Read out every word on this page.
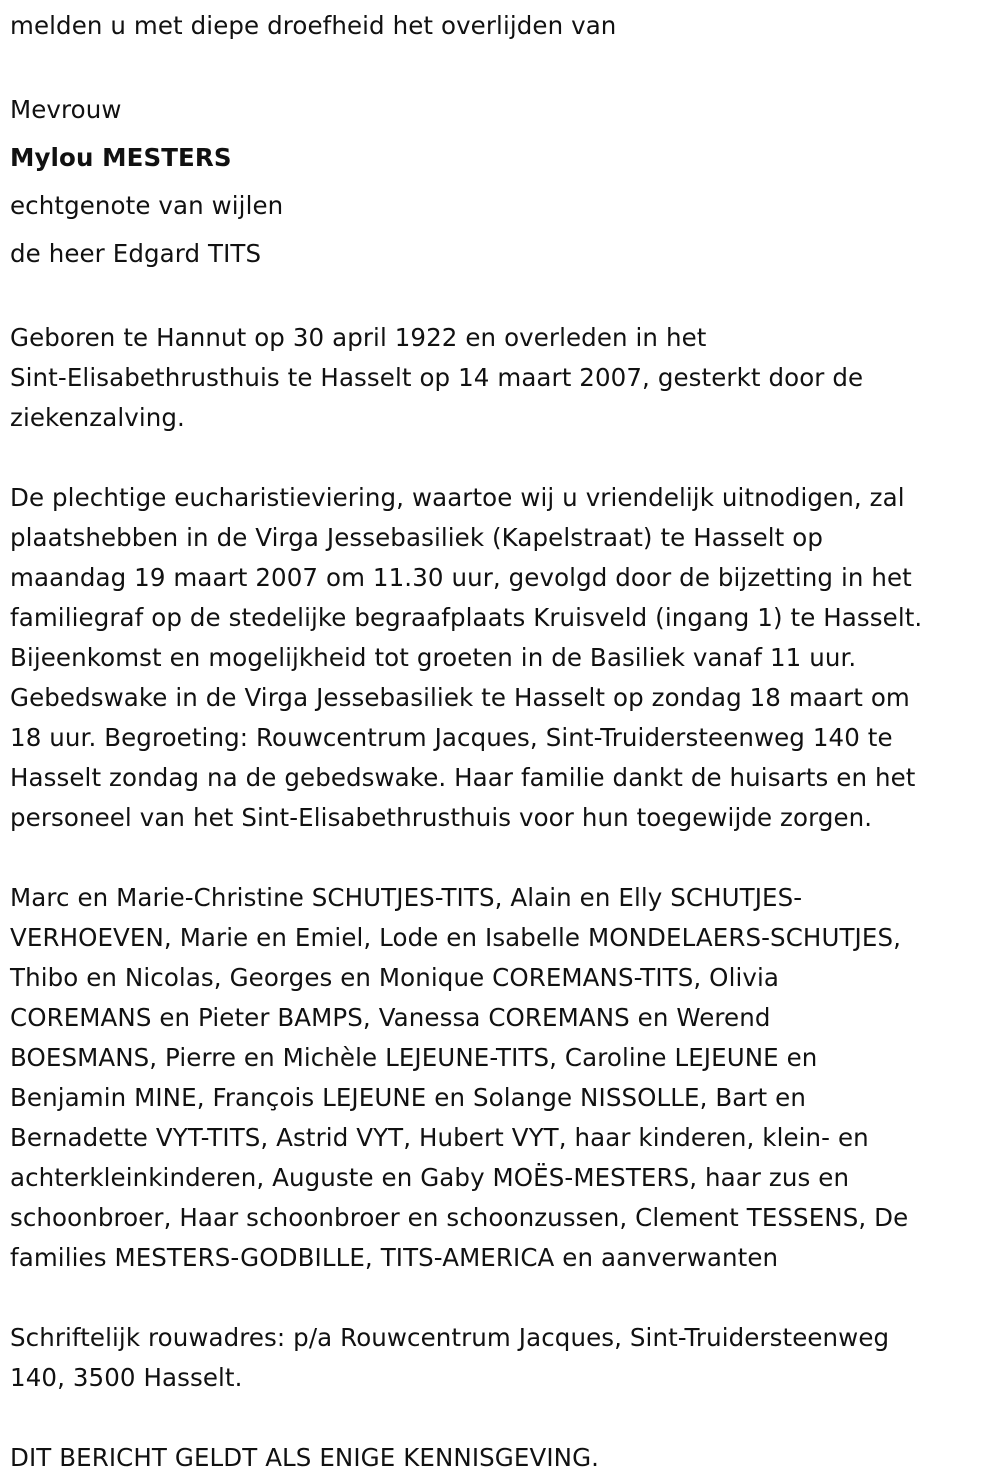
melden u met diepe droefheid het overlijden van
Mevrouw
Mylou MESTERS
echtgenote van wijlen
de heer Edgard TITS
Geboren te Hannut op 30 april 1922 en overleden in het
Sint-Elisabethrusthuis te Hasselt op 14 maart 2007, gesterkt door de
ziekenzalving.
De plechtige eucharistieviering, waartoe wij u vriendelijk uitnodigen, zal
plaatshebben in de Virga Jessebasiliek (Kapelstraat) te Hasselt op
maandag 19 maart 2007 om 11.30 uur, gevolgd door de bijzetting in het
familiegraf op de stedelijke begraafplaats Kruisveld (ingang 1) te Hasselt.
Bijeenkomst en mogelijkheid tot groeten in de Basiliek vanaf 11 uur.
Gebedswake in de Virga Jessebasiliek te Hasselt op zondag 18 maart om
18 uur. Begroeting: Rouwcentrum Jacques, Sint-Truidersteenweg 140 te
Hasselt zondag na de gebedswake. Haar familie dankt de huisarts en het
personeel van het Sint-Elisabethrusthuis voor hun toegewijde zorgen.
Marc en Marie-Christine SCHUTJES-TITS, Alain en Elly SCHUTJES-
VERHOEVEN, Marie en Emiel, Lode en Isabelle MONDELAERS-SCHUTJES,
Thibo en Nicolas, Georges en Monique COREMANS-TITS, Olivia
COREMANS en Pieter BAMPS, Vanessa COREMANS en Werend
BOESMANS, Pierre en Michèle LEJEUNE-TITS, Caroline LEJEUNE en
Benjamin MINE, François LEJEUNE en Solange NISSOLLE, Bart en
Bernadette VYT-TITS, Astrid VYT, Hubert VYT, haar kinderen, klein- en
achterkleinkinderen, Auguste en Gaby MOËS-MESTERS, haar zus en
schoonbroer, Haar schoonbroer en schoonzussen, Clement TESSENS, De
families MESTERS-GODBILLE, TITS-AMERICA en aanverwanten
Schriftelijk rouwadres: p/a Rouwcentrum Jacques, Sint-Truidersteenweg
140, 3500 Hasselt.
DIT BERICHT GELDT ALS ENIGE KENNISGEVING.
